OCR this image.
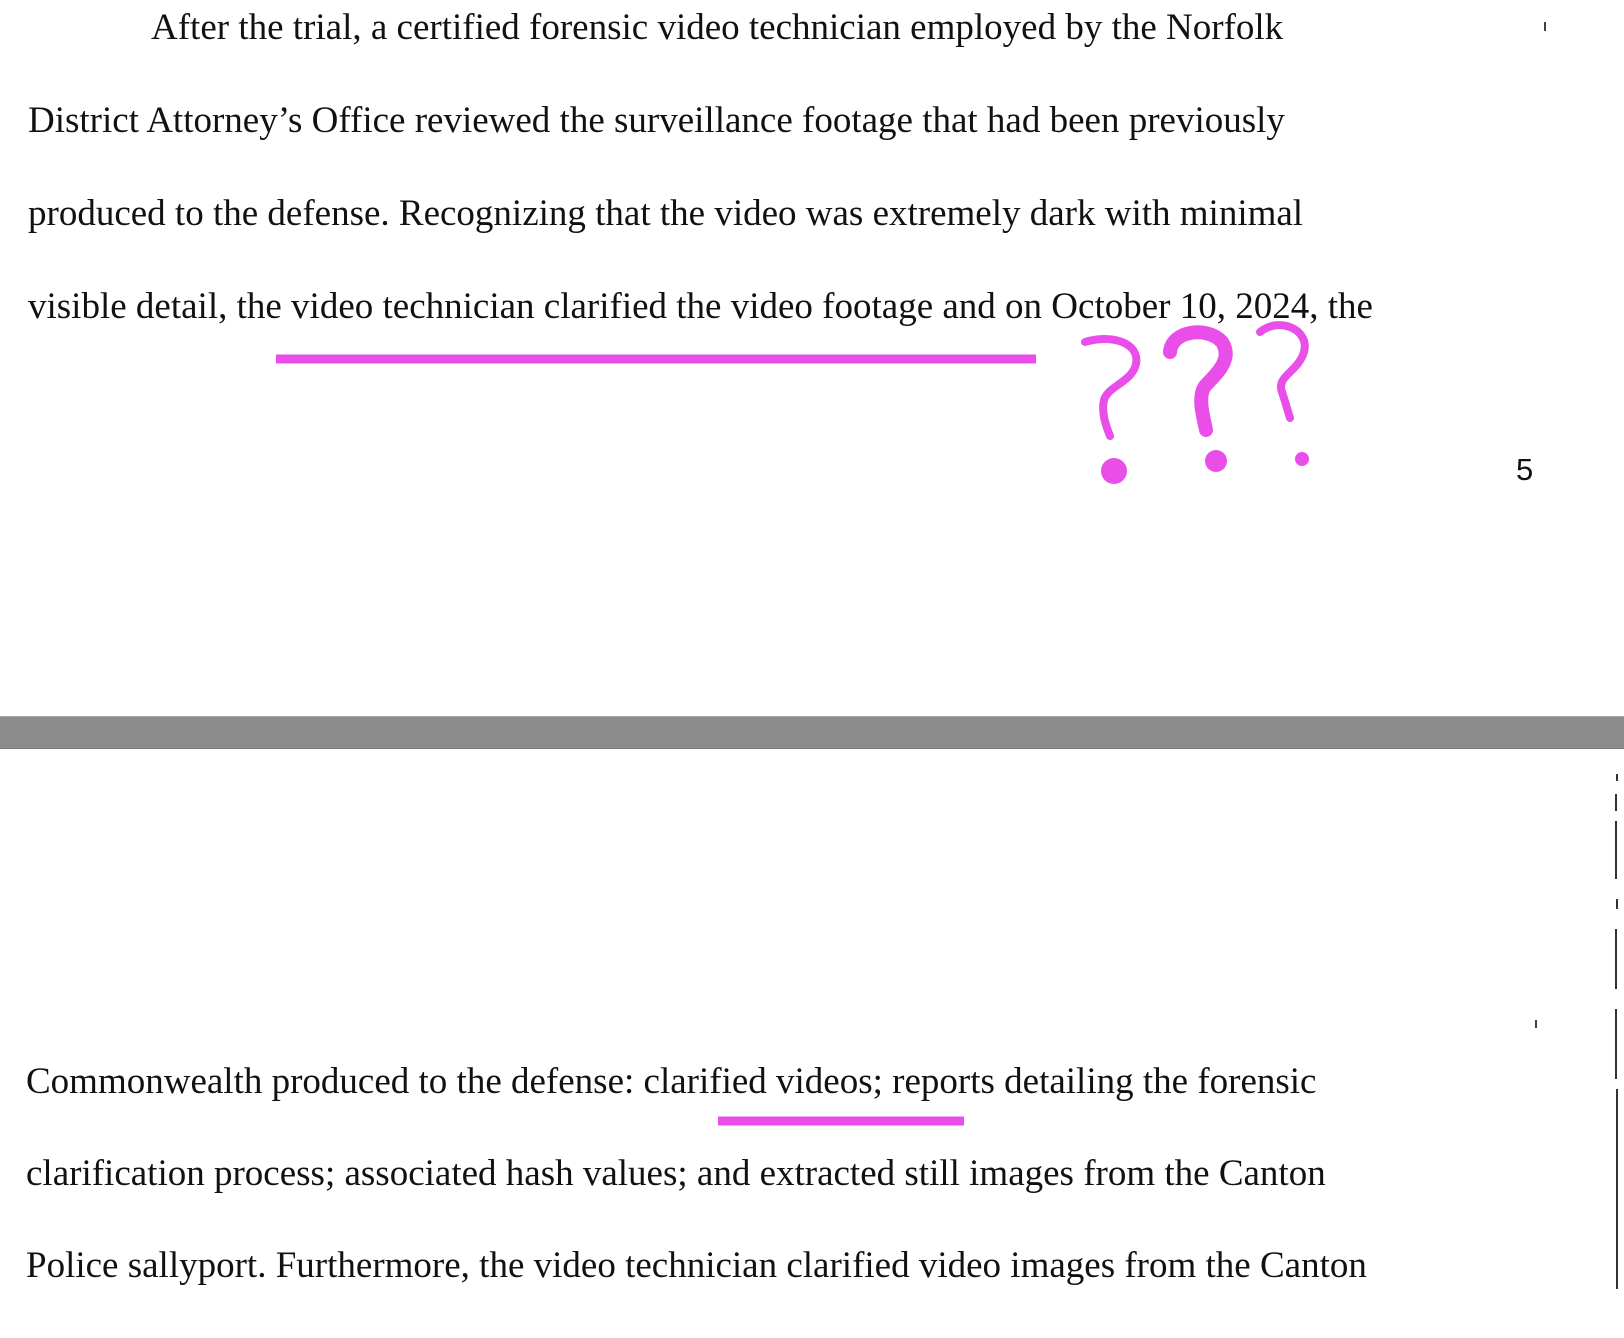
After the trial, a certified forensic video technician employed by the Norfolk

District Attorney’s Office reviewed the surveillance footage that had been previously

produced to the defense. Recognizing that the video was extremely dark with minimal

visible detail, the video technician clarified the video footage and on October 10, 2024, the

5

Commonwealth produced to the defense: clarified videos; reports detailing the forensic

clarification process; associated hash values; and extracted still images from the Canton

Police sallyport. Furthermore, the video technician clarified video images from the Canton
